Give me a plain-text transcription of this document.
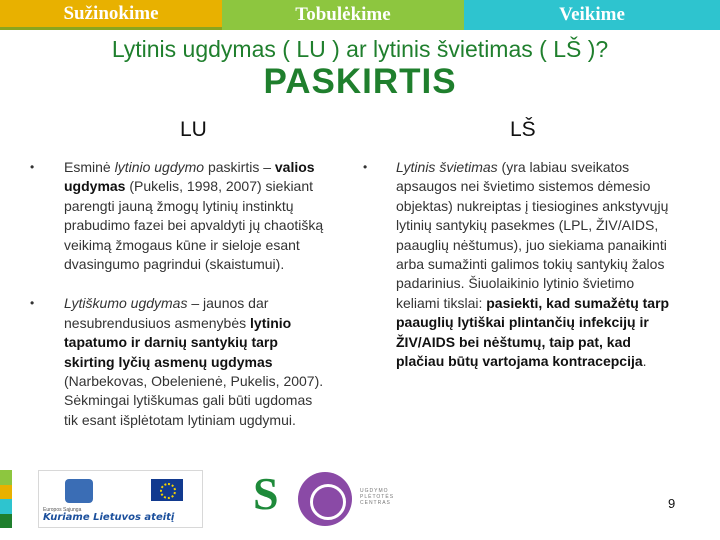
Sužinokime	Tobulėkime	Veikime
Lytinis ugdymas ( LU ) ar lytinis švietimas ( LŠ )?
PASKIRTIS
LU	LŠ
• Esminė lytinio ugdymo paskirtis – valios ugdymas (Pukelis, 1998, 2007) siekiant parengti jauną žmogų lytinių instinktų prabudimo fazei bei apvaldyti jų chaotišką veikimą žmogaus kūne ir sieloje esant dvasingumo pagrindui (skaistumui).
• Lytiškumo ugdymas – jaunos dar nesubrendusiuos asmenybės lytinio tapatumo ir darnių santykių tarp skirting lyčių asmenų ugdymas (Narbekovas, Obelenienė, Pukelis, 2007). Sėkmingai lytiškumas gali būti ugdomas tik esant išplėtotam lytiniam ugdymui.
• Lytinis švietimas (yra labiau sveikatos apsaugos nei švietimo sistemos dėmesio objektas) nukreiptas į tiesiogines ankstyvųjų lytinių santykių pasekmes (LPL, ŽIV/AIDS, paauglių nėštumus), juo siekiama panaikinti arba sumažinti galimos tokių santykių žalos padarinius. Šiuolaikinio lytinio švietimo keliami tikslai: pasiekti, kad sumažėtų tarp paauglių lytiškai plintančių infekcijų ir ŽIV/AIDS bei nėštumų, taip pat, kad plačiau būtų vartojama kontracepcija.
Europos Sąjunga
Kuriame Lietuvos ateitį S	UGDYMO PLĖTOTĖS CENTRAS	9
